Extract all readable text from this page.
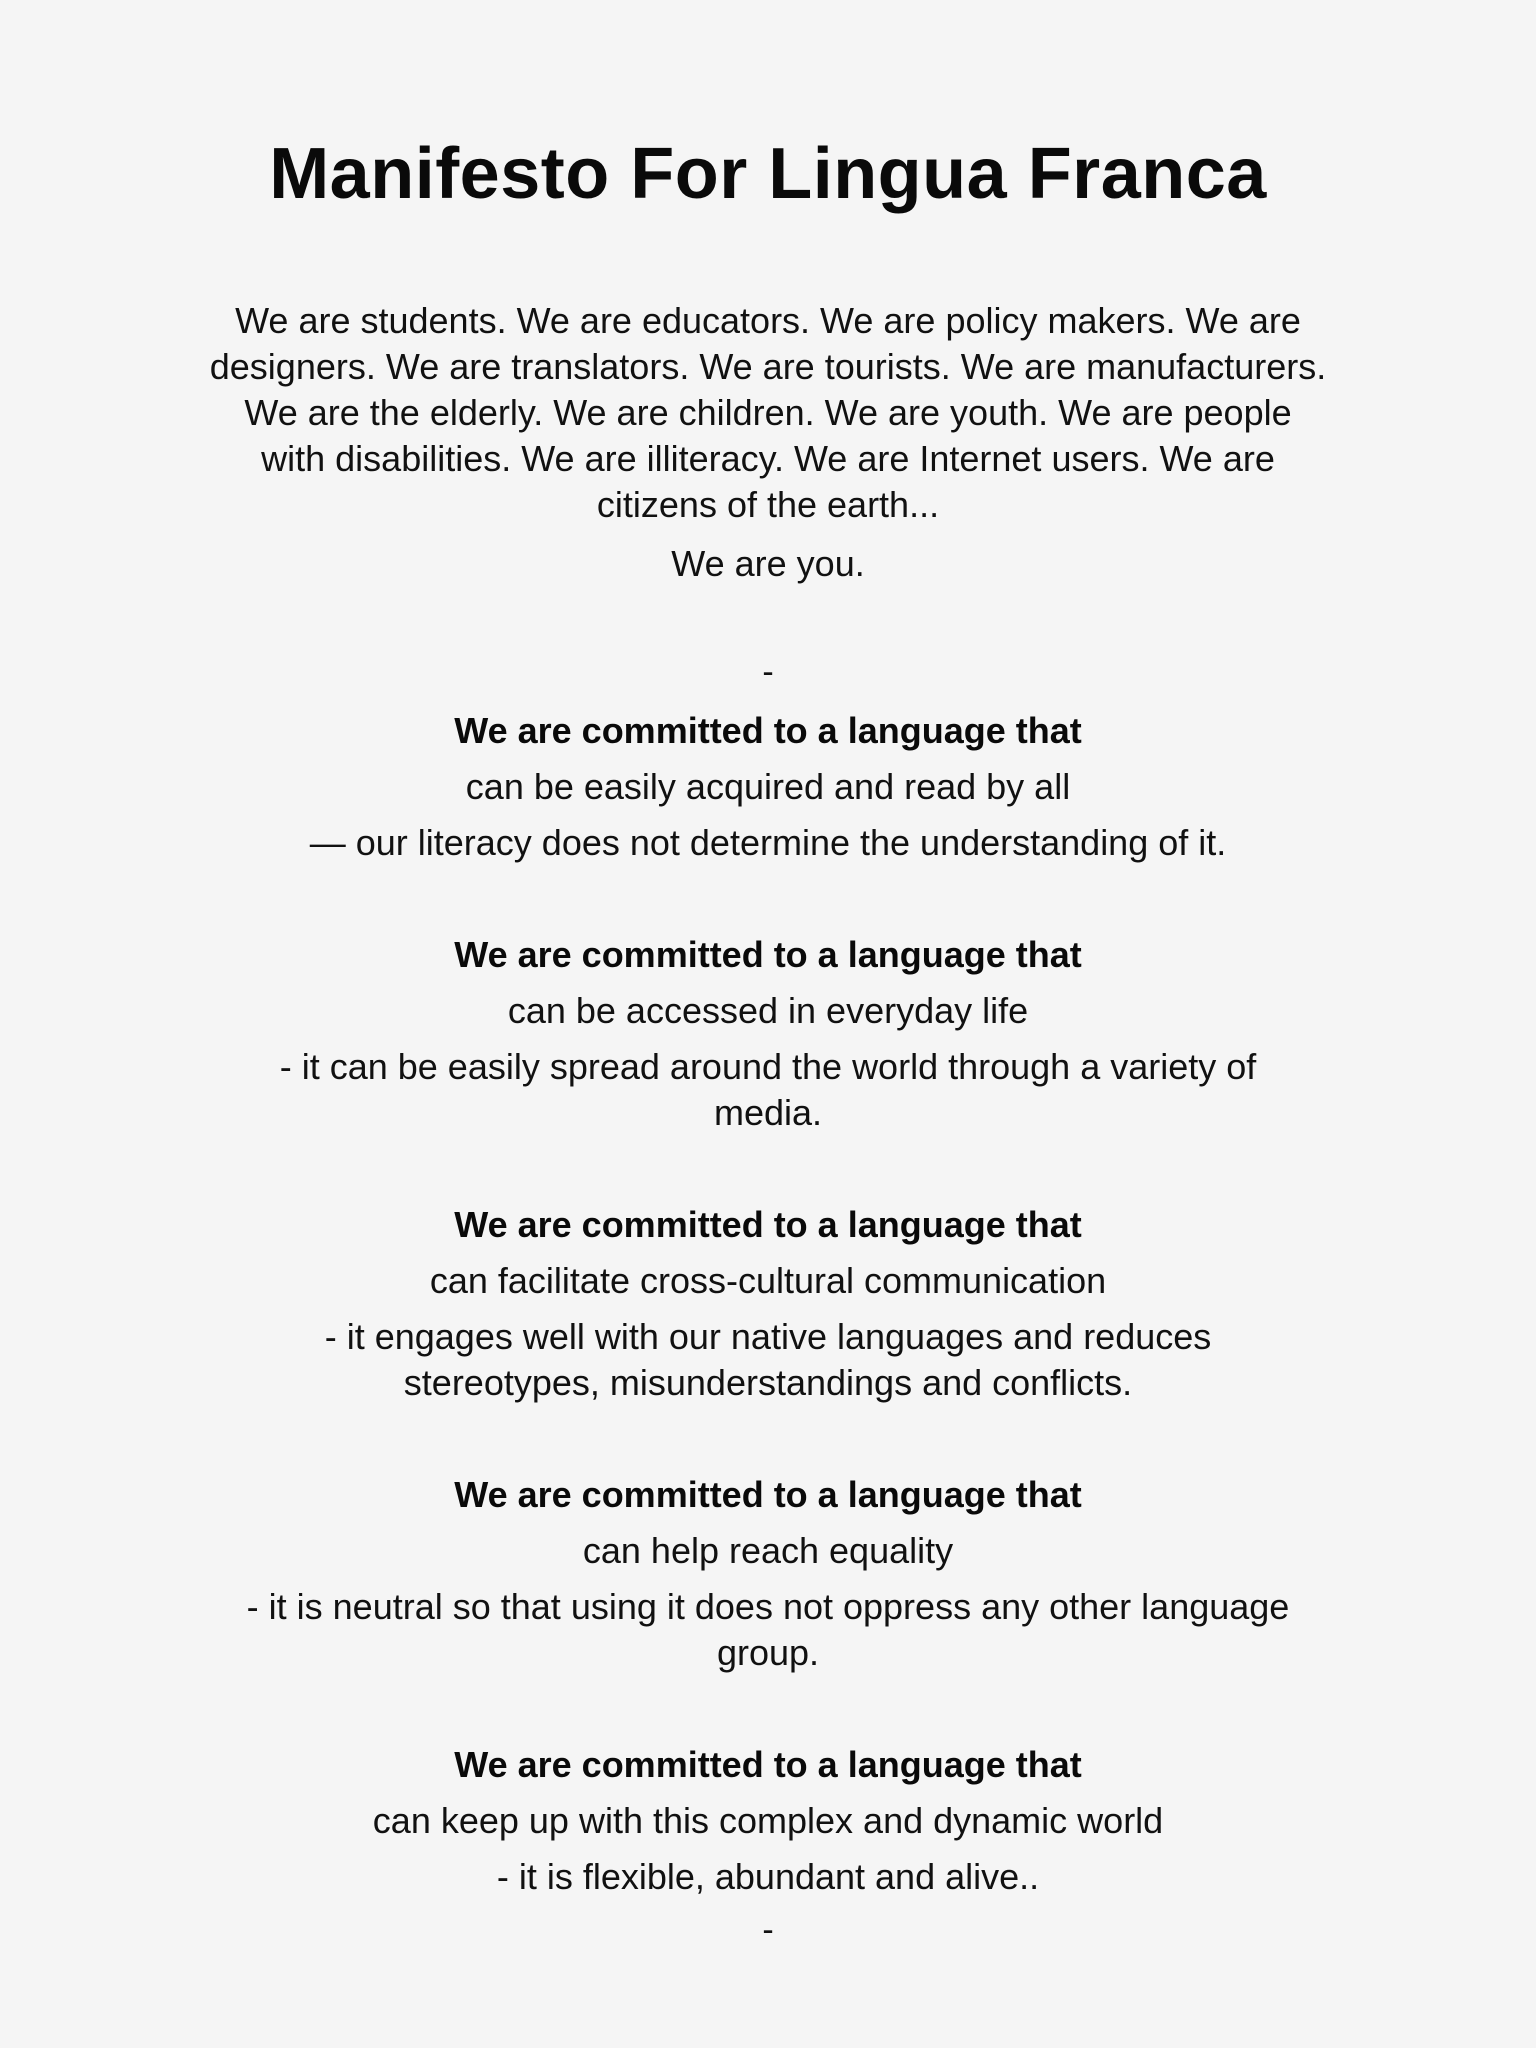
Manifesto For Lingua Franca

We are students. We are educators. We are policy makers. We are designers. We are translators. We are tourists. We are manufacturers. We are the elderly. We are children. We are youth. We are people with disabilities. We are illiteracy. We are Internet users. We are citizens of the earth...

We are you.

-

We are committed to a language that

can be easily acquired and read by all

— our literacy does not determine the understanding of it.

We are committed to a language that

can be accessed in everyday life

- it can be easily spread around the world through a variety of media.

We are committed to a language that

can facilitate cross-cultural communication

- it engages well with our native languages and reduces stereotypes, misunderstandings and conflicts.

We are committed to a language that

can help reach equality

- it is neutral so that using it does not oppress any other language group.

We are committed to a language that

can keep up with this complex and dynamic world

- it is flexible, abundant and alive..

-
